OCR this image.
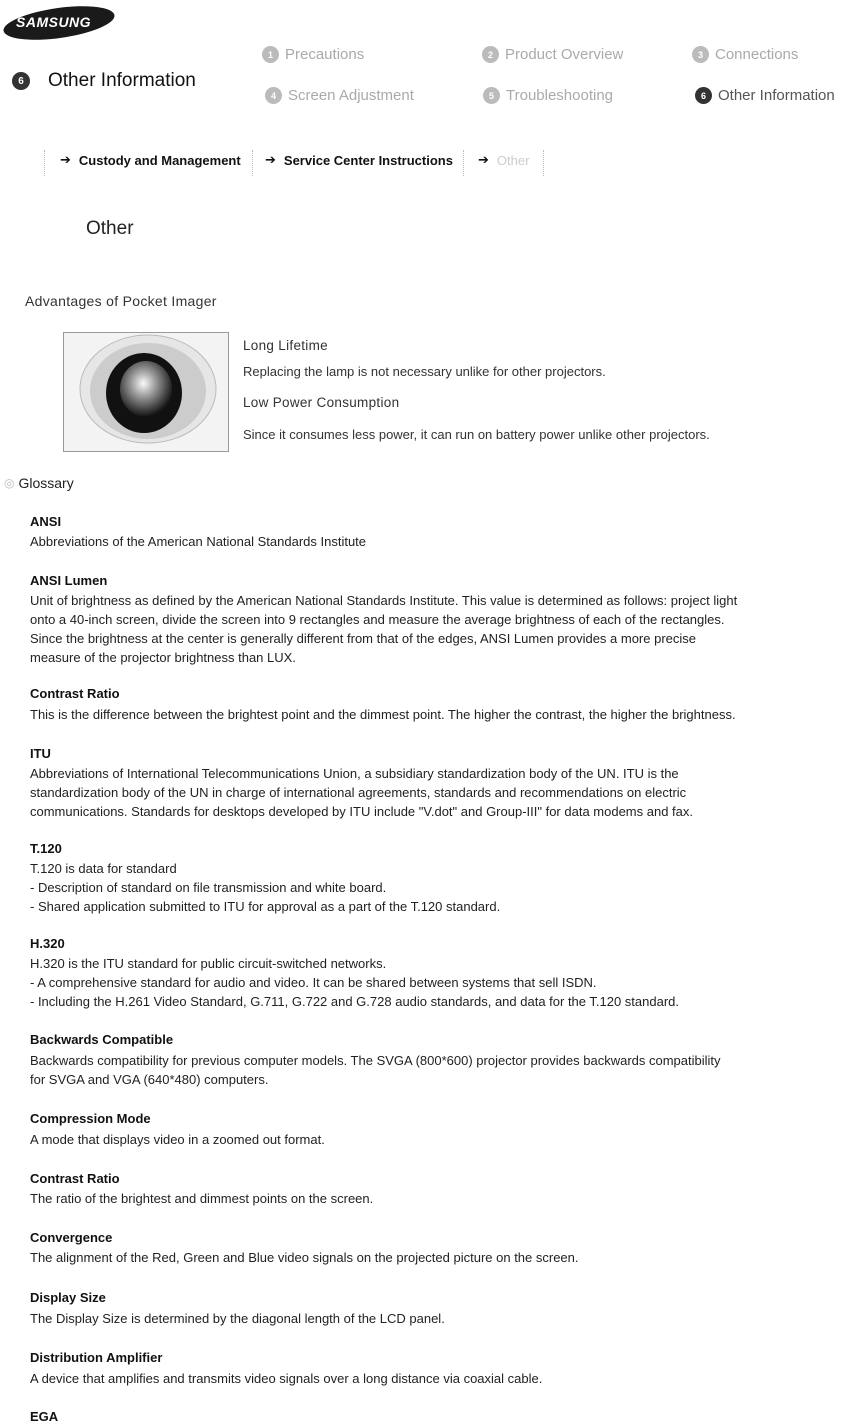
SAMSUNG
6	Other Information
1 Precautions	2 Product Overview	3 Connections
4 Screen Adjustment	5 Troubleshooting	6 Other Information
➔ Custody and Management ➔ Service Center Instructions ➔ Other
Other
Advantages of Pocket Imager
Long Lifetime
Replacing the lamp is not necessary unlike for other projectors.
Low Power Consumption
Since it consumes less power, it can run on battery power unlike other projectors.
◎ Glossary
ANSI
Abbreviations of the American National Standards Institute
ANSI Lumen
Unit of brightness as defined by the American National Standards Institute. This value is determined as follows: project light
onto a 40-inch screen, divide the screen into 9 rectangles and measure the average brightness of each of the rectangles.
Since the brightness at the center is generally different from that of the edges, ANSI Lumen provides a more precise
measure of the projector brightness than LUX.
Contrast Ratio
This is the difference between the brightest point and the dimmest point. The higher the contrast, the higher the brightness.
ITU
Abbreviations of International Telecommunications Union, a subsidiary standardization body of the UN. ITU is the
standardization body of the UN in charge of international agreements, standards and recommendations on electric
communications. Standards for desktops developed by ITU include "V.dot" and Group-III" for data modems and fax.
T.120
T.120 is data for standard
- Description of standard on file transmission and white board.
- Shared application submitted to ITU for approval as a part of the T.120 standard.
H.320
H.320 is the ITU standard for public circuit-switched networks.
- A comprehensive standard for audio and video. It can be shared between systems that sell ISDN.
- Including the H.261 Video Standard, G.711, G.722 and G.728 audio standards, and data for the T.120 standard.
Backwards Compatible
Backwards compatibility for previous computer models. The SVGA (800*600) projector provides backwards compatibility
for SVGA and VGA (640*480) computers.
Compression Mode
A mode that displays video in a zoomed out format.
Contrast Ratio
The ratio of the brightest and dimmest points on the screen.
Convergence
The alignment of the Red, Green and Blue video signals on the projected picture on the screen.
Display Size
The Display Size is determined by the diagonal length of the LCD panel.
Distribution Amplifier
A device that amplifies and transmits video signals over a long distance via coaxial cable.
EGA
